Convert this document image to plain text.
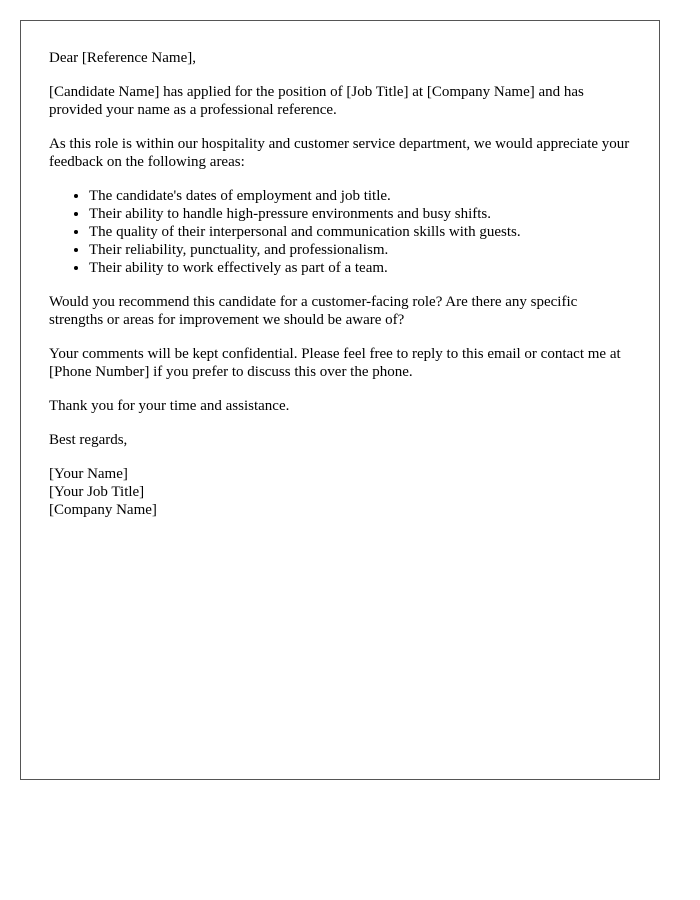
Dear [Reference Name],

[Candidate Name] has applied for the position of [Job Title] at [Company Name] and has provided your name as a professional reference.

As this role is within our hospitality and customer service department, we would appreciate your feedback on the following areas:

• The candidate's dates of employment and job title.
• Their ability to handle high-pressure environments and busy shifts.
• The quality of their interpersonal and communication skills with guests.
• Their reliability, punctuality, and professionalism.
• Their ability to work effectively as part of a team.

Would you recommend this candidate for a customer-facing role? Are there any specific strengths or areas for improvement we should be aware of?

Your comments will be kept confidential. Please feel free to reply to this email or contact me at [Phone Number] if you prefer to discuss this over the phone.

Thank you for your time and assistance.

Best regards,

[Your Name]
[Your Job Title]
[Company Name]
